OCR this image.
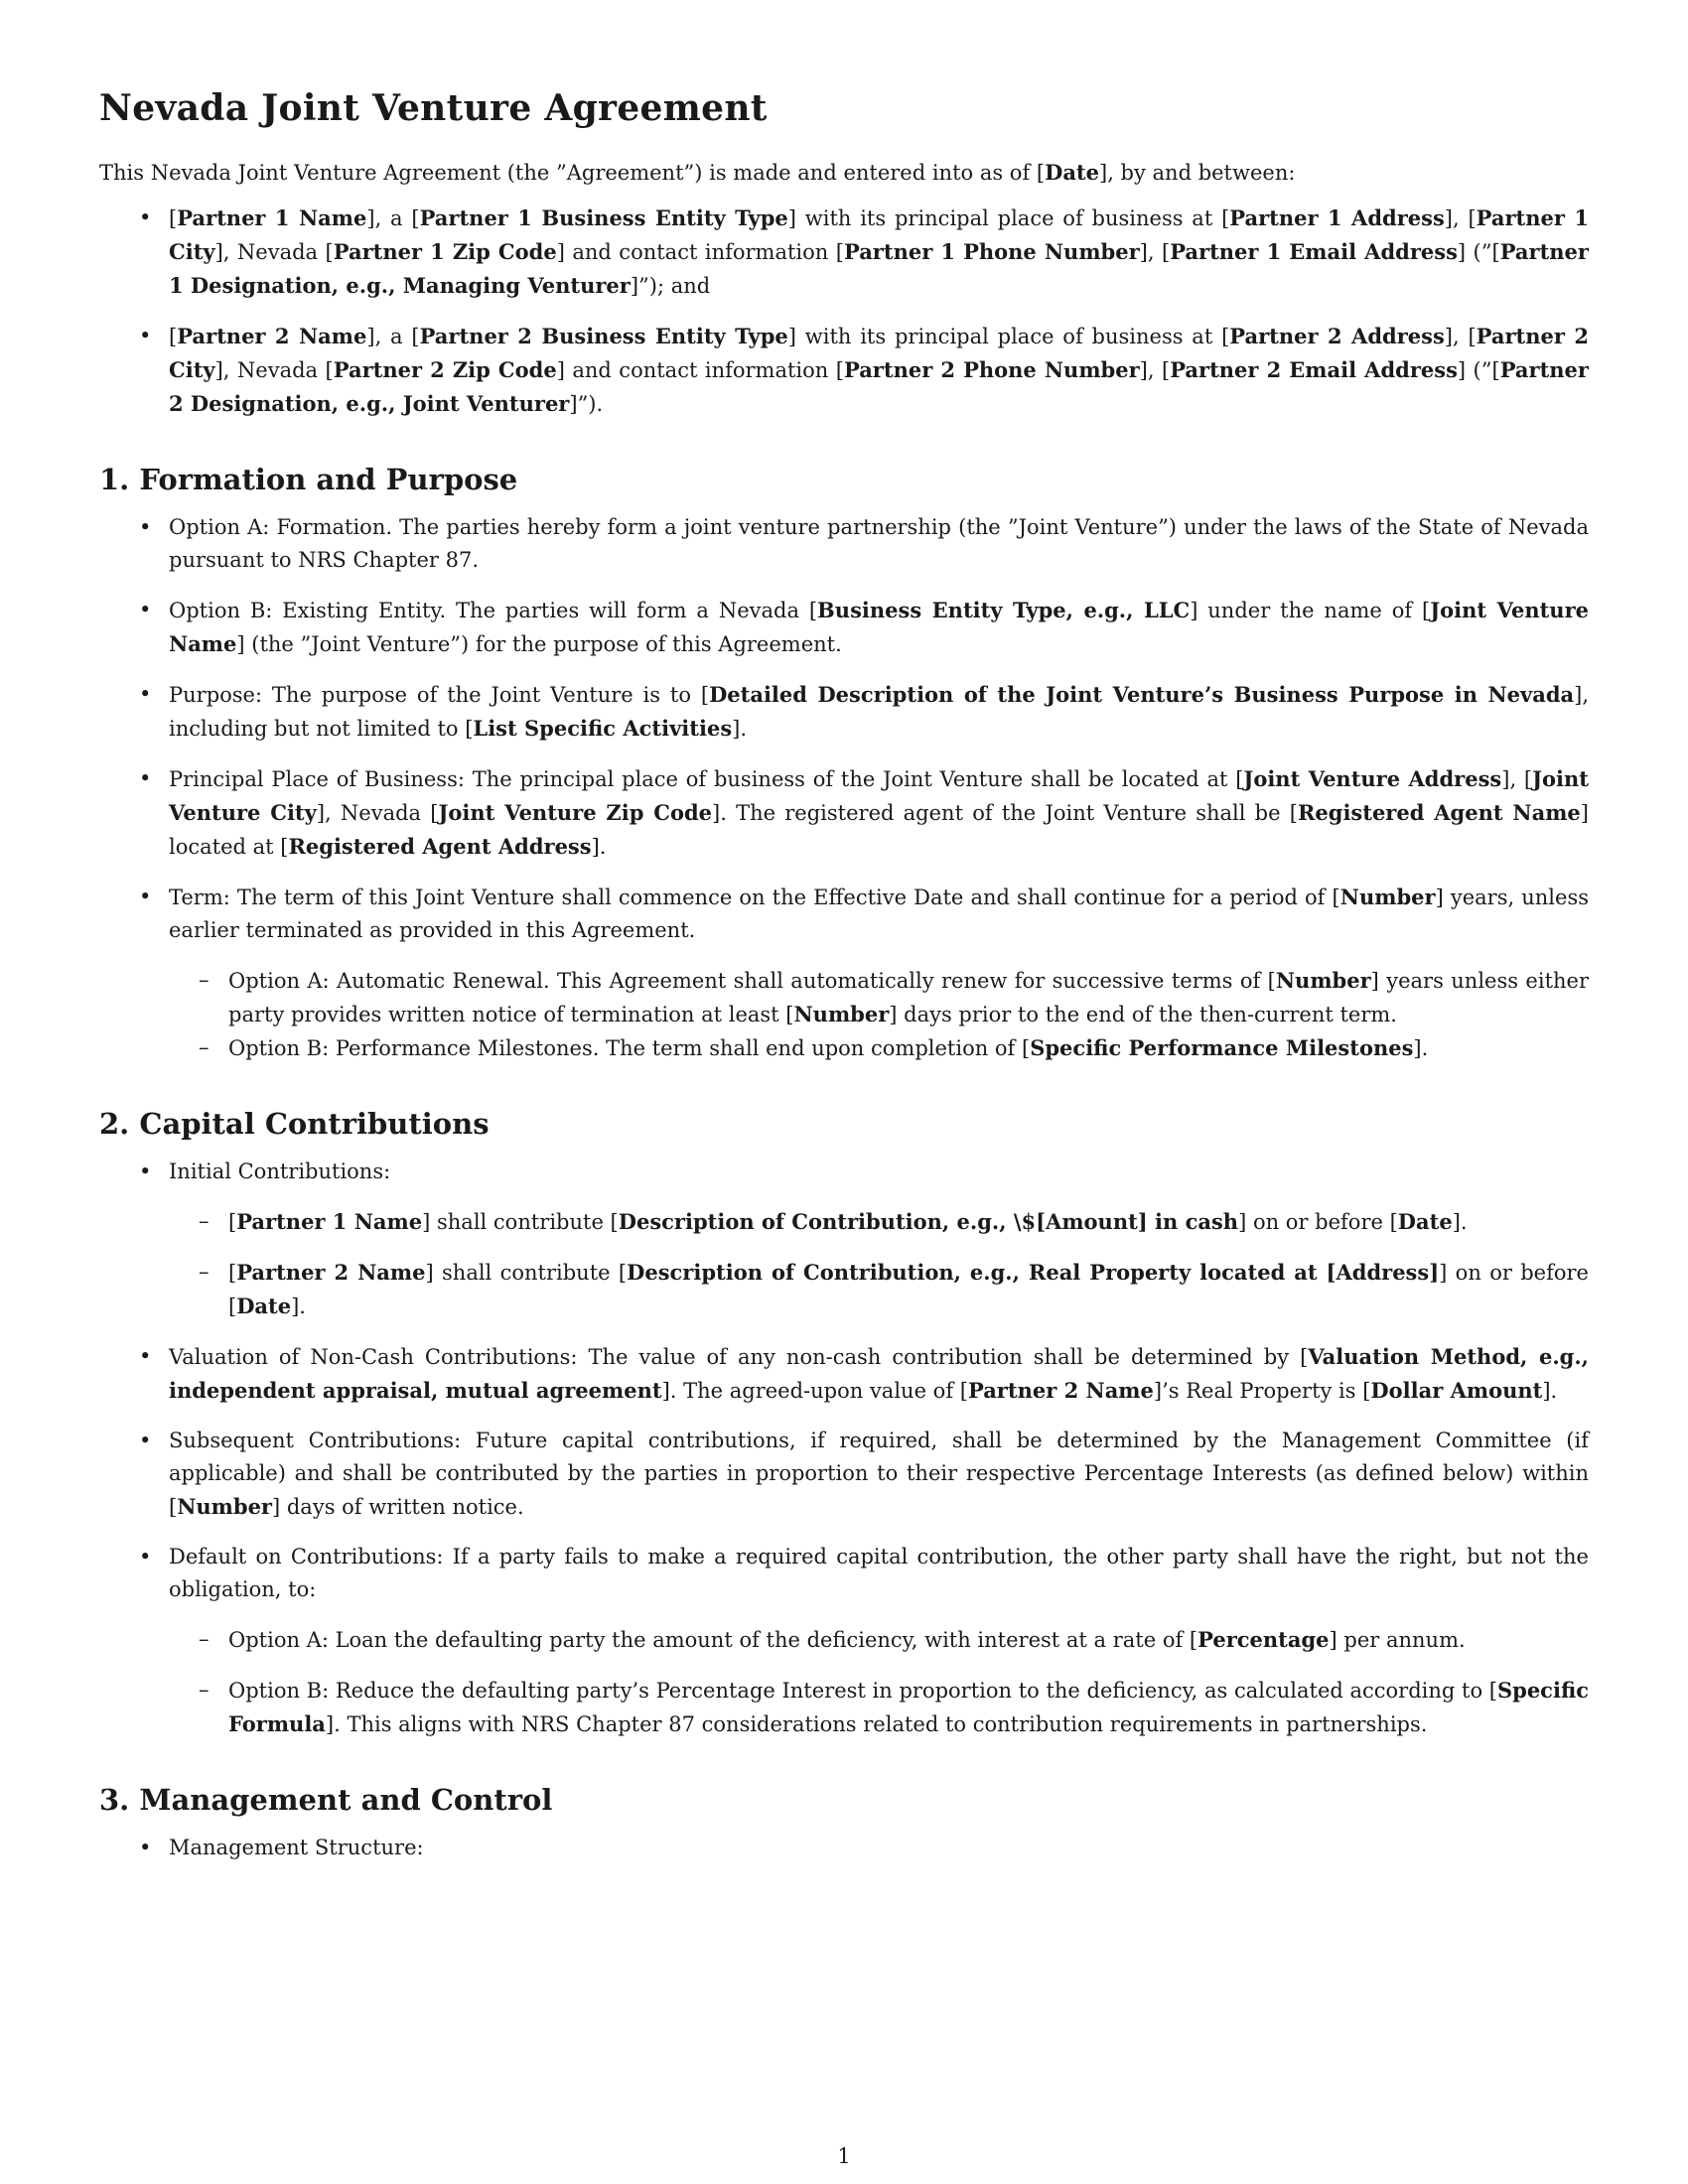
Nevada Joint Venture Agreement

This Nevada Joint Venture Agreement (the ”Agreement”) is made and entered into as of [Date], by and between:

• [Partner 1 Name], a [Partner 1 Business Entity Type] with its principal place of business at [Partner 1 Address], [Partner 1 City], Nevada [Partner 1 Zip Code] and contact information [Partner 1 Phone Number], [Partner 1 Email Address] (”[Partner 1 Designation, e.g., Managing Venturer]”); and
• [Partner 2 Name], a [Partner 2 Business Entity Type] with its principal place of business at [Partner 2 Address], [Partner 2 City], Nevada [Partner 2 Zip Code] and contact information [Partner 2 Phone Number], [Partner 2 Email Address] (”[Partner 2 Designation, e.g., Joint Venturer]”).
1. Formation and Purpose
• Option A: Formation. The parties hereby form a joint venture partnership (the ”Joint Venture”) under the laws of the State of Nevada pursuant to NRS Chapter 87.
• Option B: Existing Entity. The parties will form a Nevada [Business Entity Type, e.g., LLC] under the name of [Joint Venture Name] (the ”Joint Venture”) for the purpose of this Agreement.
• Purpose: The purpose of the Joint Venture is to [Detailed Description of the Joint Venture’s Business Purpose in Nevada], including but not limited to [List Specific Activities].
• Principal Place of Business: The principal place of business of the Joint Venture shall be located at [Joint Venture Address], [Joint Venture City], Nevada [Joint Venture Zip Code]. The registered agent of the Joint Venture shall be [Registered Agent Name] located at [Registered Agent Address].
• Term: The term of this Joint Venture shall commence on the Effective Date and shall continue for a period of [Number] years, unless earlier terminated as provided in this Agreement.
– Option A: Automatic Renewal. This Agreement shall automatically renew for successive terms of [Number] years unless either party provides written notice of termination at least [Number] days prior to the end of the then-current term.
– Option B: Performance Milestones. The term shall end upon completion of [Specific Performance Milestones].
2. Capital Contributions
• Initial Contributions:
– [Partner 1 Name] shall contribute [Description of Contribution, e.g., \$[Amount] in cash] on or before [Date].
– [Partner 2 Name] shall contribute [Description of Contribution, e.g., Real Property located at [Address]] on or before [Date].
• Valuation of Non-Cash Contributions: The value of any non-cash contribution shall be determined by [Valuation Method, e.g., independent appraisal, mutual agreement]. The agreed-upon value of [Partner 2 Name]’s Real Property is [Dollar Amount].
• Subsequent Contributions: Future capital contributions, if required, shall be determined by the Management Committee (if applicable) and shall be contributed by the parties in proportion to their respective Percentage Interests (as defined below) within [Number] days of written notice.
• Default on Contributions: If a party fails to make a required capital contribution, the other party shall have the right, but not the obligation, to:
– Option A: Loan the defaulting party the amount of the deficiency, with interest at a rate of [Percentage] per annum.
– Option B: Reduce the defaulting party’s Percentage Interest in proportion to the deficiency, as calculated according to [Specific Formula]. This aligns with NRS Chapter 87 considerations related to contribution requirements in partnerships.
3. Management and Control
• Management Structure:
1
